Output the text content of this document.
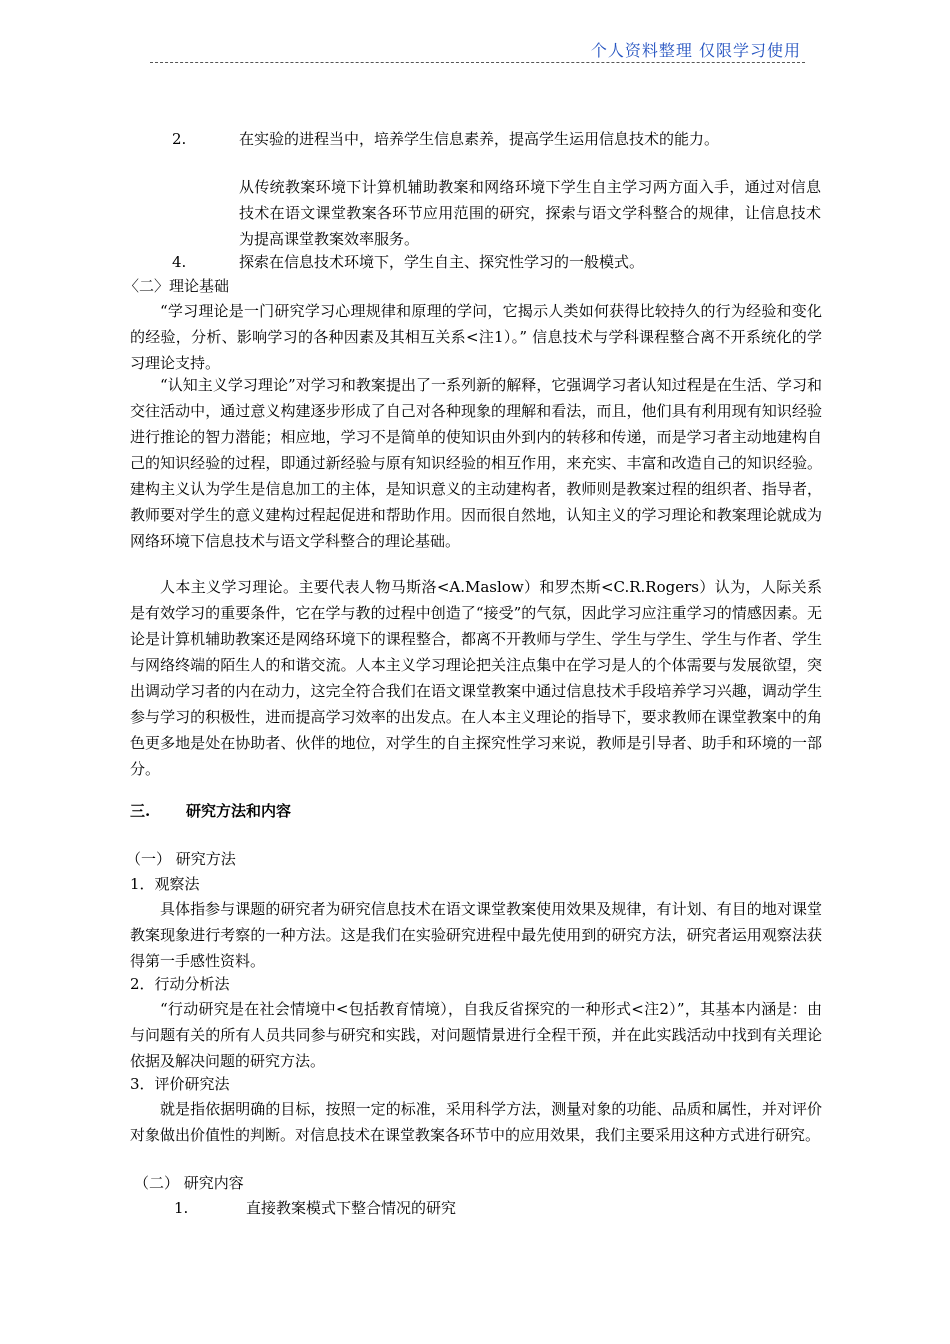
个人资料整理 仅限学习使用
2.	在实验的进程当中，培养学生信息素养，提高学生运用信息技术的能力。

从传统教案环境下计算机辅助教案和网络环境下学生自主学习两方面入手，通过对信息技术在语文课堂教案各环节应用范围的研究，探索与语文学科整合的规律，让信息技术为提高课堂教案效率服务。

4.	探索在信息技术环境下，学生自主、探究性学习的一般模式。

〈二〉理论基础

“学习理论是一门研究学习心理规律和原理的学问，它揭示人类如何获得比较持久的行为经验和变化的经验，分析、影响学习的各种因素及其相互关系<注1）。” 信息技术与学科课程整合离不开系统化的学习理论支持。

“认知主义学习理论”对学习和教案提出了一系列新的解释，它强调学习者认知过程是在生活、学习和交往活动中，通过意义构建逐步形成了自己对各种现象的理解和看法，而且，他们具有利用现有知识经验进行推论的智力潜能；相应地，学习不是简单的使知识由外到内的转移和传递，而是学习者主动地建构自己的知识经验的过程，即通过新经验与原有知识经验的相互作用，来充实、丰富和改造自己的知识经验。建构主义认为学生是信息加工的主体，是知识意义的主动建构者，教师则是教案过程的组织者、指导者，教师要对学生的意义建构过程起促进和帮助作用。因而很自然地，认知主义的学习理论和教案理论就成为网络环境下信息技术与语文学科整合的理论基础。

人本主义学习理论。主要代表人物马斯洛<A.Maslow）和罗杰斯<C.R.Rogers）认为，人际关系是有效学习的重要条件，它在学与教的过程中创造了“接受”的气氛，因此学习应注重学习的情感因素。无论是计算机辅助教案还是网络环境下的课程整合，都离不开教师与学生、学生与学生、学生与作者、学生与网络终端的陌生人的和谐交流。人本主义学习理论把关注点集中在学习是人的个体需要与发展欲望，突出调动学习者的内在动力，这完全符合我们在语文课堂教案中通过信息技术手段培养学习兴趣，调动学生参与学习的积极性，进而提高学习效率的出发点。在人本主义理论的指导下，要求教师在课堂教案中的角色更多地是处在协助者、伙伴的地位，对学生的自主探究性学习来说，教师是引导者、助手和环境的一部分。

三. 研究方法和内容

（一） 研究方法

1．观察法

具体指参与课题的研究者为研究信息技术在语文课堂教案使用效果及规律，有计划、有目的地对课堂教案现象进行考察的一种方法。这是我们在实验研究进程中最先使用到的研究方法，研究者运用观察法获得第一手感性资料。

2．行动分析法

“行动研究是在社会情境中<包括教育情境），自我反省探究的一种形式<注2）”，其基本内涵是：由与问题有关的所有人员共同参与研究和实践，对问题情景进行全程干预，并在此实践活动中找到有关理论依据及解决问题的研究方法。

3．评价研究法

就是指依据明确的目标，按照一定的标准，采用科学方法，测量对象的功能、品质和属性，并对评价对象做出价值性的判断。对信息技术在课堂教案各环节中的应用效果，我们主要采用这种方式进行研究。

（二） 研究内容

1.	直接教案模式下整合情况的研究
